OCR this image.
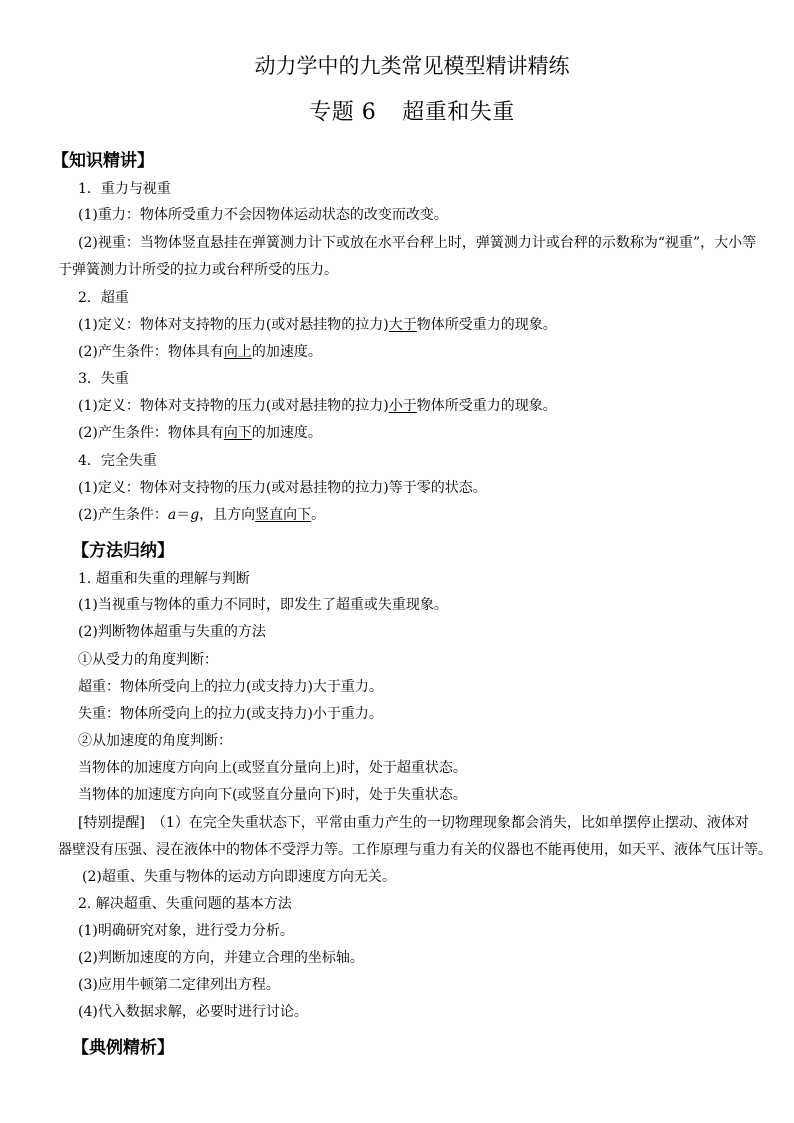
动力学中的九类常见模型精讲精练
专题 6 超重和失重
【知识精讲】
1．重力与视重
(1)重力：物体所受重力不会因物体运动状态的改变而改变。
(2)视重：当物体竖直悬挂在弹簧测力计下或放在水平台秤上时，弹簧测力计或台秤的示数称为“视重”，大小等
于弹簧测力计所受的拉力或台秤所受的压力。
2．超重
(1)定义：物体对支持物的压力(或对悬挂物的拉力)大于物体所受重力的现象。
(2)产生条件：物体具有向上的加速度。
3．失重
(1)定义：物体对支持物的压力(或对悬挂物的拉力)小于物体所受重力的现象。
(2)产生条件：物体具有向下的加速度。
4．完全失重
(1)定义：物体对支持物的压力(或对悬挂物的拉力)等于零的状态。
(2)产生条件：a＝g，且方向竖直向下。
【方法归纳】
1. 超重和失重的理解与判断
(1)当视重与物体的重力不同时，即发生了超重或失重现象。
(2)判断物体超重与失重的方法
①从受力的角度判断：
超重：物体所受向上的拉力(或支持力)大于重力。
失重：物体所受向上的拉力(或支持力)小于重力。
②从加速度的角度判断：
当物体的加速度方向向上(或竖直分量向上)时，处于超重状态。
当物体的加速度方向向下(或竖直分量向下)时，处于失重状态。
[特别提醒]　（1）在完全失重状态下，平常由重力产生的一切物理现象都会消失，比如单摆停止摆动、液体对
器壁没有压强、浸在液体中的物体不受浮力等。工作原理与重力有关的仪器也不能再使用，如天平、液体气压计等。
(2)超重、失重与物体的运动方向即速度方向无关。
2. 解决超重、失重问题的基本方法
(1)明确研究对象，进行受力分析。
(2)判断加速度的方向，并建立合理的坐标轴。
(3)应用牛顿第二定律列出方程。
(4)代入数据求解，必要时进行讨论。
【典例精析】
